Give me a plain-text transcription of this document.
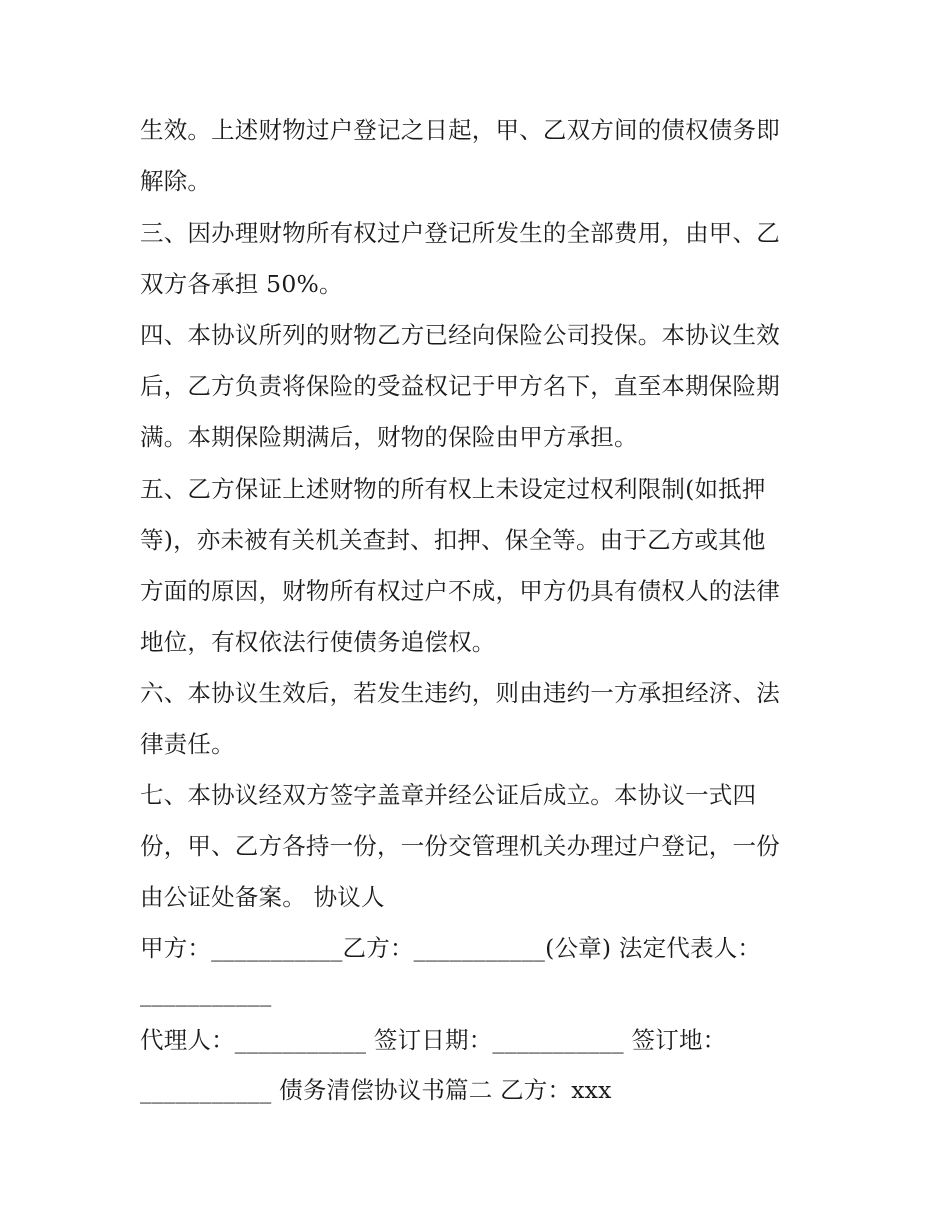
生效。上述财物过户登记之日起，甲、乙双方间的债权债务即
解除。
三、因办理财物所有权过户登记所发生的全部费用，由甲、乙
双方各承担 50%。
四、本协议所列的财物乙方已经向保险公司投保。本协议生效
后，乙方负责将保险的受益权记于甲方名下，直至本期保险期
满。本期保险期满后，财物的保险由甲方承担。
五、乙方保证上述财物的所有权上未设定过权利限制(如抵押
等)，亦未被有关机关查封、扣押、保全等。由于乙方或其他
方面的原因，财物所有权过户不成，甲方仍具有债权人的法律
地位，有权依法行使债务追偿权。
六、本协议生效后，若发生违约，则由违约一方承担经济、法
律责任。
七、本协议经双方签字盖章并经公证后成立。本协议一式四
份，甲、乙方各持一份，一份交管理机关办理过户登记，一份
由公证处备案。 协议人
甲方：___________乙方：___________(公章) 法定代表人：
___________
代理人：___________ 签订日期：___________ 签订地：
___________ 债务清偿协议书篇二 乙方：xxx
